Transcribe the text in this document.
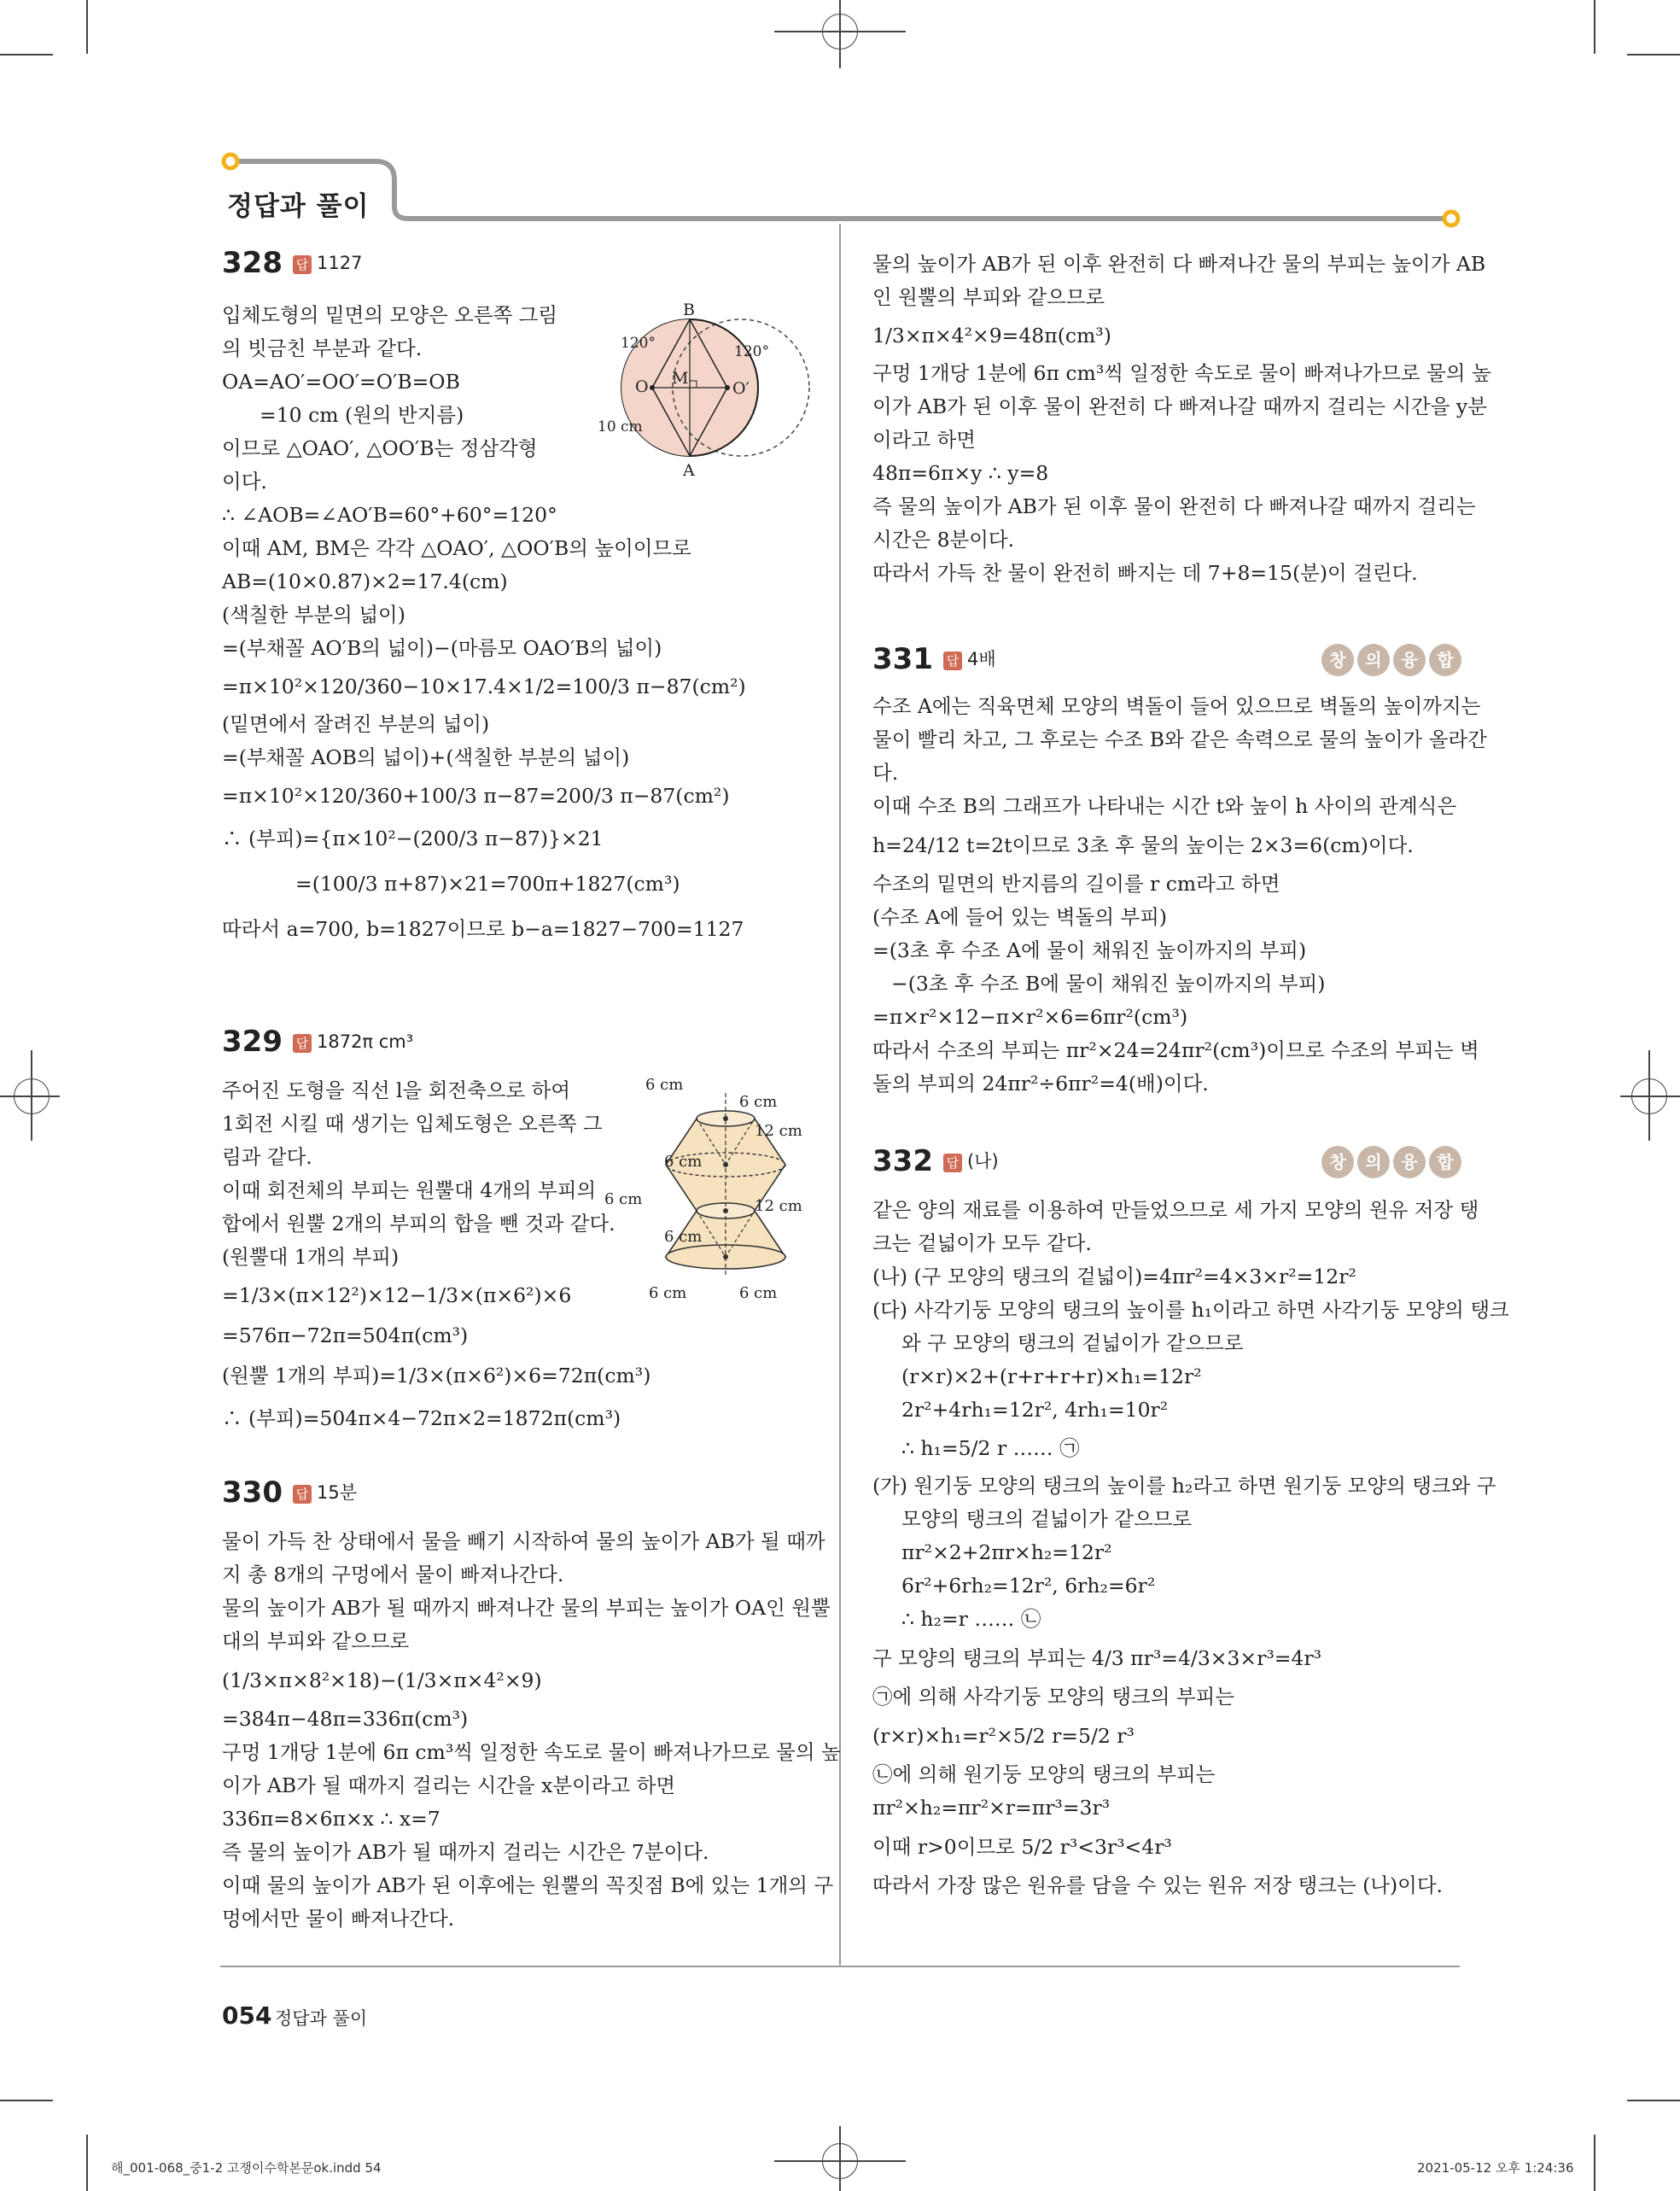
정답과 풀이
328 답 1127

입체도형의 밑면의 모양은 오른쪽 그림

의 빗금친 부분과 같다.

OA=AO′=OO′=O′B=OB

=10 cm (원의 반지름)

이므로 △OAO′, △OO′B는 정삼각형

이다.

∴ ∠AOB=∠AO′B=60°+60°=120°

이때 AM, BM은 각각 △OAO′, △OO′B의 높이이므로

AB=(10×0.87)×2=17.4(cm)

(색칠한 부분의 넓이)

=(부채꼴 AO′B의 넓이)−(마름모 OAO′B의 넓이)

=π×10²×120/360−10×17.4×1/2=100/3 π−87(cm²)

(밑면에서 잘려진 부분의 넓이)

=(부채꼴 AOB의 넓이)+(색칠한 부분의 넓이)

=π×10²×120/360+100/3 π−87=200/3 π−87(cm²)

∴ (부피)={π×10²−(200/3 π−87)}×21

=(100/3 π+87)×21=700π+1827(cm³)

따라서 a=700, b=1827이므로 b−a=1827−700=1127

B
A
O M
O′
120°	120°
10 cm
329 답 1872π cm³

주어진 도형을 직선 l을 회전축으로 하여

1회전 시킬 때 생기는 입체도형은 오른쪽 그

림과 같다.

이때 회전체의 부피는 원뿔대 4개의 부피의

합에서 원뿔 2개의 부피의 합을 뺀 것과 같다.

(원뿔대 1개의 부피)

=1/3×(π×12²)×12−1/3×(π×6²)×6

=576π−72π=504π(cm³)

(원뿔 1개의 부피)=1/3×(π×6²)×6=72π(cm³)

∴ (부피)=504π×4−72π×2=1872π(cm³)

6 cm
6 cm
12 cm
6 cm
6 cm	12 cm
6 cm
6 cm	6 cm
330 답 15분

물이 가득 찬 상태에서 물을 빼기 시작하여 물의 높이가 AB가 될 때까

지 총 8개의 구멍에서 물이 빠져나간다.

물의 높이가 AB가 될 때까지 빠져나간 물의 부피는 높이가 OA인 원뿔

대의 부피와 같으므로

(1/3×π×8²×18)−(1/3×π×4²×9)

=384π−48π=336π(cm³)

구멍 1개당 1분에 6π cm³씩 일정한 속도로 물이 빠져나가므로 물의 높

이가 AB가 될 때까지 걸리는 시간을 x분이라고 하면

336π=8×6π×x ∴ x=7

즉 물의 높이가 AB가 될 때까지 걸리는 시간은 7분이다.

이때 물의 높이가 AB가 된 이후에는 원뿔의 꼭짓점 B에 있는 1개의 구

멍에서만 물이 빠져나간다.

물의 높이가 AB가 된 이후 완전히 다 빠져나간 물의 부피는 높이가 AB

인 원뿔의 부피와 같으므로

1/3×π×4²×9=48π(cm³)

구멍 1개당 1분에 6π cm³씩 일정한 속도로 물이 빠져나가므로 물의 높

이가 AB가 된 이후 물이 완전히 다 빠져나갈 때까지 걸리는 시간을 y분

이라고 하면

48π=6π×y ∴ y=8

즉 물의 높이가 AB가 된 이후 물이 완전히 다 빠져나갈 때까지 걸리는

시간은 8분이다.

따라서 가득 찬 물이 완전히 빠지는 데 7+8=15(분)이 걸린다.

331 답 4배	창	의	융	합

수조 A에는 직육면체 모양의 벽돌이 들어 있으므로 벽돌의 높이까지는

물이 빨리 차고, 그 후로는 수조 B와 같은 속력으로 물의 높이가 올라간

다.

이때 수조 B의 그래프가 나타내는 시간 t와 높이 h 사이의 관계식은

h=24/12 t=2t이므로 3초 후 물의 높이는 2×3=6(cm)이다.

수조의 밑면의 반지름의 길이를 r cm라고 하면

(수조 A에 들어 있는 벽돌의 부피)

=(3초 후 수조 A에 물이 채워진 높이까지의 부피)

−(3초 후 수조 B에 물이 채워진 높이까지의 부피)

=π×r²×12−π×r²×6=6πr²(cm³)

따라서 수조의 부피는 πr²×24=24πr²(cm³)이므로 수조의 부피는 벽

돌의 부피의 24πr²÷6πr²=4(배)이다.

332 답 (나)	창	의	융	합

같은 양의 재료를 이용하여 만들었으므로 세 가지 모양의 원유 저장 탱

크는 겉넓이가 모두 같다.

(나) (구 모양의 탱크의 겉넓이)=4πr²=4×3×r²=12r²

(다) 사각기둥 모양의 탱크의 높이를 h₁이라고 하면 사각기둥 모양의 탱크

와 구 모양의 탱크의 겉넓이가 같으므로

(r×r)×2+(r+r+r+r)×h₁=12r²

2r²+4rh₁=12r², 4rh₁=10r²

∴ h₁=5/2 r …… ㉠

(가) 원기둥 모양의 탱크의 높이를 h₂라고 하면 원기둥 모양의 탱크와 구

모양의 탱크의 겉넓이가 같으므로

πr²×2+2πr×h₂=12r²

6r²+6rh₂=12r², 6rh₂=6r²

∴ h₂=r …… ㉡

구 모양의 탱크의 부피는 4/3 πr³=4/3×3×r³=4r³

㉠에 의해 사각기둥 모양의 탱크의 부피는

(r×r)×h₁=r²×5/2 r=5/2 r³

㉡에 의해 원기둥 모양의 탱크의 부피는

πr²×h₂=πr²×r=πr³=3r³

이때 r>0이므로 5/2 r³<3r³<4r³

따라서 가장 많은 원유를 담을 수 있는 원유 저장 탱크는 (나)이다.

054 정답과 풀이
해_001-068_중1-2 고쟁이수학본문ok.indd 54	2021-05-12 오후 1:24:36
